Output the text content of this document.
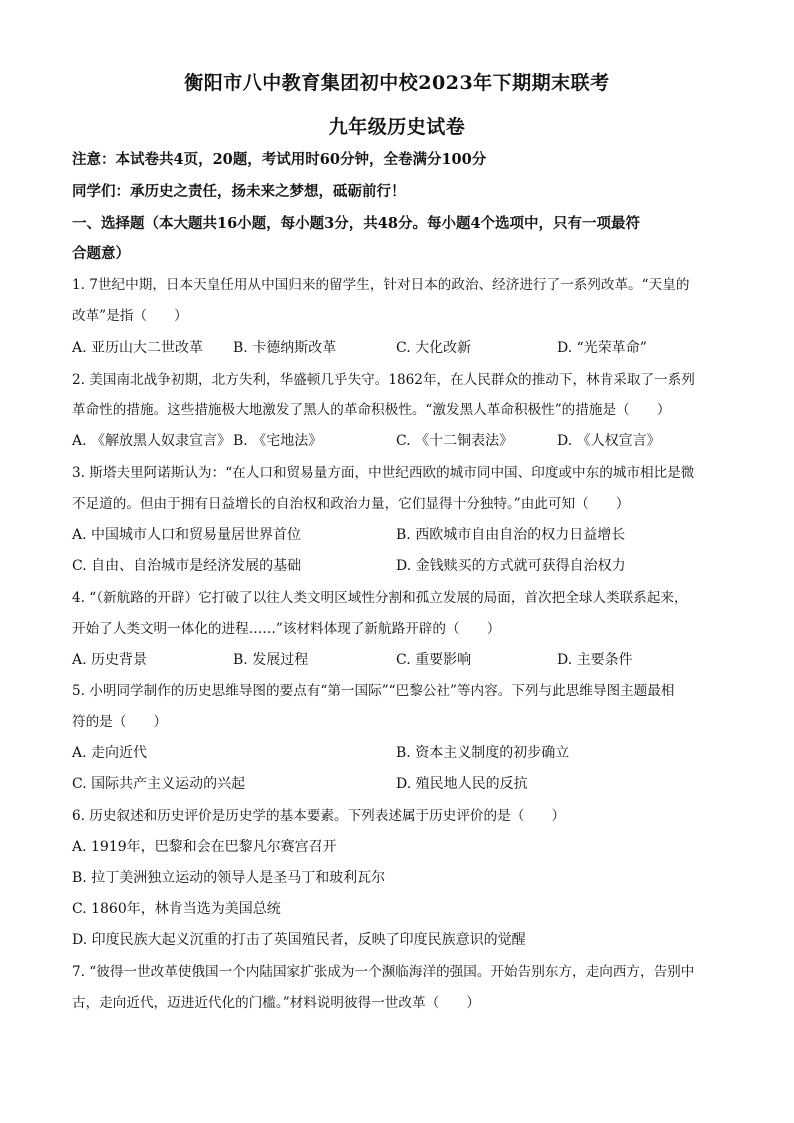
衡阳市八中教育集团初中校2023年下期期末联考
九年级历史试卷

注意：本试卷共4页，20题，考试用时60分钟，全卷满分100分

同学们：承历史之责任，扬未来之梦想，砥砺前行！

一、选择题（本大题共16小题，每小题3分，共48分。每小题4个选项中，只有一项最符

合题意）

1. 7世纪中期，日本天皇任用从中国归来的留学生，针对日本的政治、经济进行了一系列改革。“天皇的

改革”是指（　　）

A. 亚历山大二世改革 B. 卡德纳斯改革	C. 大化改新	D. “光荣革命”

2. 美国南北战争初期，北方失利，华盛顿几乎失守。1862年，在人民群众的推动下，林肯采取了一系列

革命性的措施。这些措施极大地激发了黑人的革命积极性。“激发黑人革命积极性”的措施是（　　）

A. 《解放黑人奴隶宣言》 B. 《宅地法》	C. 《十二铜表法》	D. 《人权宣言》

3. 斯塔夫里阿诺斯认为：“在人口和贸易量方面，中世纪西欧的城市同中国、印度或中东的城市相比是微

不足道的。但由于拥有日益增长的自治权和政治力量，它们显得十分独特。”由此可知（　　）

A. 中国城市人口和贸易量居世界首位	B. 西欧城市自由自治的权力日益增长

C. 自由、自治城市是经济发展的基础	D. 金钱赎买的方式就可获得自治权力

4. “（新航路的开辟）它打破了以往人类文明区域性分割和孤立发展的局面，首次把全球人类联系起来，

开始了人类文明一体化的进程……”该材料体现了新航路开辟的（　　）

A. 历史背景	B. 发展过程	C. 重要影响	D. 主要条件

5. 小明同学制作的历史思维导图的要点有“第一国际”“巴黎公社”等内容。下列与此思维导图主题最相

符的是（　　）

A. 走向近代	B. 资本主义制度的初步确立

C. 国际共产主义运动的兴起	D. 殖民地人民的反抗

6. 历史叙述和历史评价是历史学的基本要素。下列表述属于历史评价的是（　　）

A. 1919年，巴黎和会在巴黎凡尔赛宫召开

B. 拉丁美洲独立运动的领导人是圣马丁和玻利瓦尔

C. 1860年，林肯当选为美国总统

D. 印度民族大起义沉重的打击了英国殖民者，反映了印度民族意识的觉醒

7. “彼得一世改革使俄国一个内陆国家扩张成为一个濒临海洋的强国。开始告别东方，走向西方，告别中

古，走向近代，迈进近代化的门槛。”材料说明彼得一世改革（　　）
